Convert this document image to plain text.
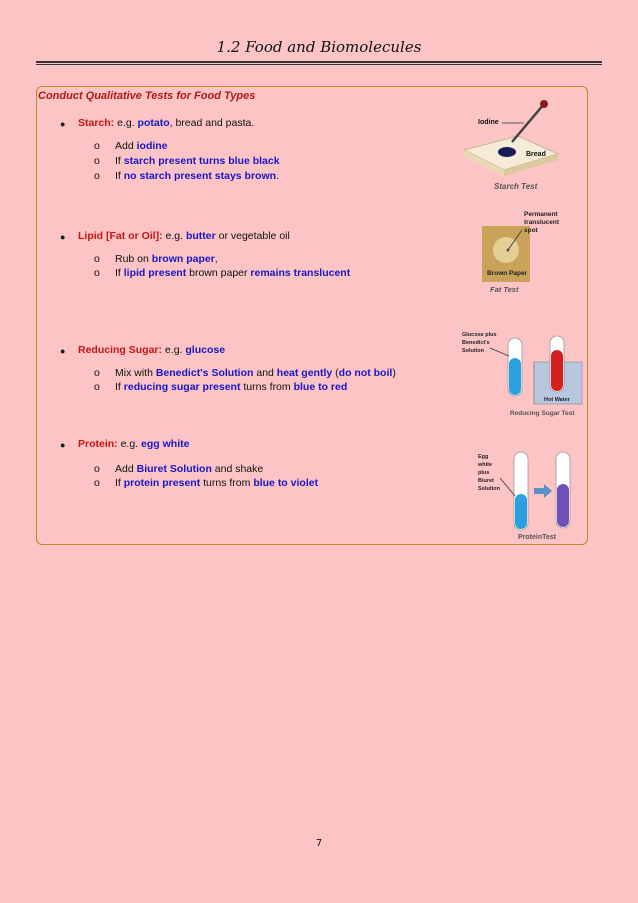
1.2 Food and Biomolecules
Conduct Qualitative Tests for Food Types
● Starch: e.g. potato, bread and pasta.
o Add iodine
o If starch present turns blue black
o If no starch present stays brown.
● Lipid [Fat or Oil]: e.g. butter or vegetable oil
o Rub on brown paper,
o If lipid present brown paper remains translucent
● Reducing Sugar: e.g. glucose
o Mix with Benedict's Solution and heat gently (do not boil)
o If reducing sugar present turns from blue to red
● Protein: e.g. egg white
o Add Biuret Solution and shake
o If protein present turns from blue to violet
Iodine
Bread
Starch Test
Permanent
translucent
spot
Brown Paper
Fat Test
Glucose plus
Benedict's
Solution
Hot Water
Reducing Sugar Test
Egg
white
plus
Biuret
Solution
ProteinTest
7
